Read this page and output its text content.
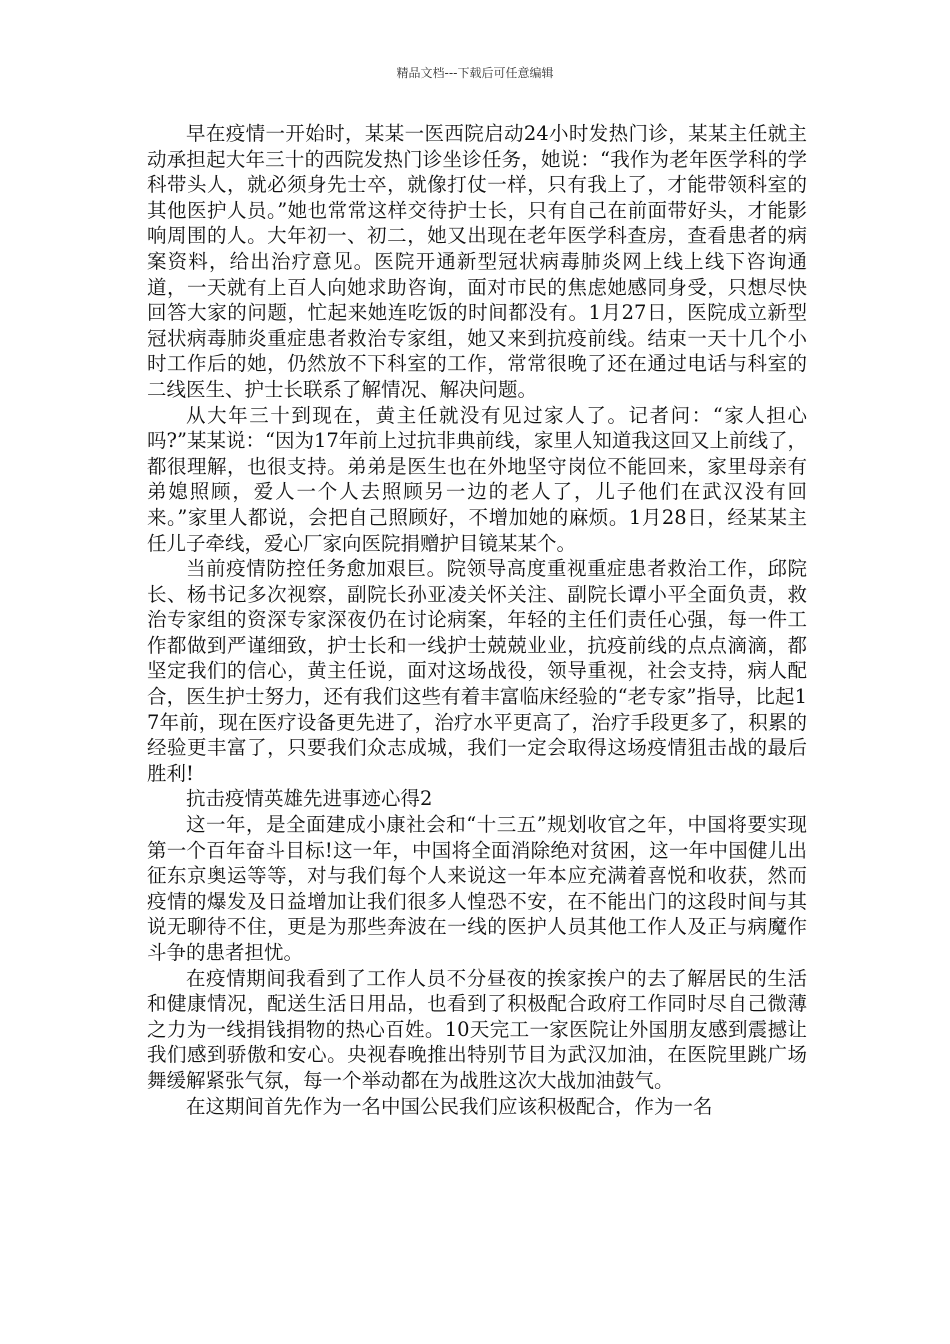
精品文档---下载后可任意编辑

早在疫情一开始时，某某一医西院启动24小时发热门诊，某某主任就主动承担起大年三十的西院发热门诊坐诊任务，她说：“我作为老年医学科的学科带头人，就必须身先士卒，就像打仗一样，只有我上了，才能带领科室的其他医护人员。”她也常常这样交待护士长，只有自己在前面带好头，才能影响周围的人。大年初一、初二，她又出现在老年医学科查房，查看患者的病案资料，给出治疗意见。医院开通新型冠状病毒肺炎网上线上线下咨询通道，一天就有上百人向她求助咨询，面对市民的焦虑她感同身受，只想尽快回答大家的问题，忙起来她连吃饭的时间都没有。1月27日，医院成立新型冠状病毒肺炎重症患者救治专家组，她又来到抗疫前线。结束一天十几个小时工作后的她，仍然放不下科室的工作，常常很晚了还在通过电话与科室的二线医生、护士长联系了解情况、解决问题。

从大年三十到现在，黄主任就没有见过家人了。记者问：“家人担心吗?”某某说：“因为17年前上过抗非典前线，家里人知道我这回又上前线了，都很理解，也很支持。弟弟是医生也在外地坚守岗位不能回来，家里母亲有弟媳照顾，爱人一个人去照顾另一边的老人了，儿子他们在武汉没有回来。”家里人都说，会把自己照顾好，不增加她的麻烦。1月28日，经某某主任儿子牵线，爱心厂家向医院捐赠护目镜某某个。

当前疫情防控任务愈加艰巨。院领导高度重视重症患者救治工作，邱院长、杨书记多次视察，副院长孙亚凌关怀关注、副院长谭小平全面负责，救治专家组的资深专家深夜仍在讨论病案，年轻的主任们责任心强，每一件工作都做到严谨细致，护士长和一线护士兢兢业业，抗疫前线的点点滴滴，都坚定我们的信心，黄主任说，面对这场战役，领导重视，社会支持，病人配合，医生护士努力，还有我们这些有着丰富临床经验的“老专家”指导，比起17年前，现在医疗设备更先进了，治疗水平更高了，治疗手段更多了，积累的经验更丰富了，只要我们众志成城，我们一定会取得这场疫情狙击战的最后胜利!

抗击疫情英雄先进事迹心得2

这一年，是全面建成小康社会和“十三五”规划收官之年，中国将要实现第一个百年奋斗目标!这一年，中国将全面消除绝对贫困，这一年中国健儿出征东京奥运等等，对与我们每个人来说这一年本应充满着喜悦和收获，然而疫情的爆发及日益增加让我们很多人惶恐不安，在不能出门的这段时间与其说无聊待不住，更是为那些奔波在一线的医护人员其他工作人及正与病魔作斗争的患者担忧。

在疫情期间我看到了工作人员不分昼夜的挨家挨户的去了解居民的生活和健康情况，配送生活日用品，也看到了积极配合政府工作同时尽自己微薄之力为一线捐钱捐物的热心百姓。10天完工一家医院让外国朋友感到震撼让我们感到骄傲和安心。央视春晚推出特别节目为武汉加油，在医院里跳广场舞缓解紧张气氛，每一个举动都在为战胜这次大战加油鼓气。

在这期间首先作为一名中国公民我们应该积极配合，作为一名
